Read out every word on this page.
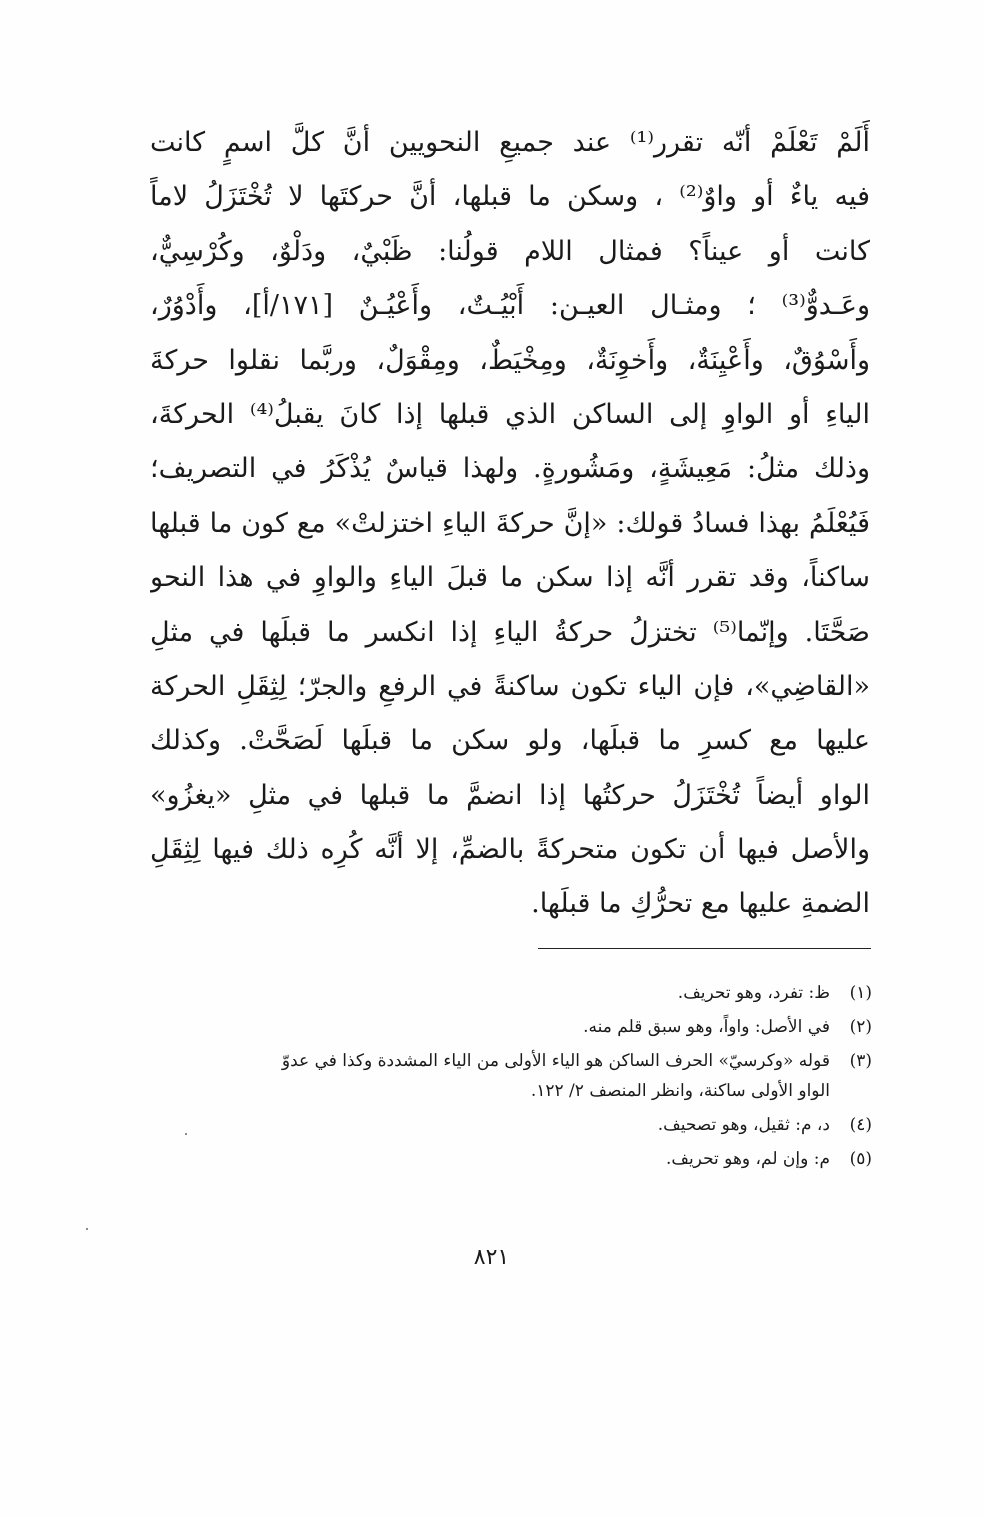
أَلَمْ تَعْلَمْ أنّه تقرر⁽¹⁾ عند جميعِ النحويين أنَّ كلَّ اسمٍ كانت
فيه ياءٌ أو واوٌ⁽²⁾ ، وسكن ما قبلها، أنَّ حركتَها لا تُخْتَزَلُ لاماً
كانت أو عيناً؟ فمثال اللام قولُنا: ظَبْيٌ، ودَلْوٌ، وكُرْسِيٌّ،
وعَـدوٌّ⁽³⁾ ؛ ومثـال العيـن: أَبْيُـتٌ، وأَعْيُـنٌ [١٧١/أ]، وأَدْوُرٌ،
وأَسْوُقٌ، وأَعْيِنَةٌ، وأَخوِنَةٌ، ومِخْيَطٌ، ومِقْوَلٌ، وربَّما نقلوا حركةَ
الياءِ أو الواوِ إلى الساكن الذي قبلها إذا كانَ يقبلُ⁽⁴⁾ الحركةَ،
وذلك مثلُ: مَعِيشَةٍ، ومَشُورةٍ. ولهذا قياسٌ يُذْكَرُ في التصريف؛
فَيُعْلَمُ بهذا فسادُ قولك: «إنَّ حركةَ الياءِ اختزلتْ» مع كون ما قبلها
ساكناً، وقد تقرر أنَّه إذا سكن ما قبلَ الياءِ والواوِ في هذا النحو
صَحَّتَا. وإنّما⁽⁵⁾ تختزلُ حركةُ الياءِ إذا انكسر ما قبلَها في مثلِ
«القاضِي»، فإن الياء تكون ساكنةً في الرفعِ والجرّ؛ لِثِقَلِ الحركة
عليها مع كسرِ ما قبلَها، ولو سكن ما قبلَها لَصَحَّتْ. وكذلك
الواو أيضاً تُخْتَزَلُ حركتُها إذا انضمَّ ما قبلها في مثلِ «يغزُو»
والأصل فيها أن تكون متحركةً بالضمِّ، إلا أنَّه كُرِه ذلك فيها لِثِقَلِ
الضمةِ عليها مع تحرُّكِ ما قبلَها.
(١)
ظ: تفرد، وهو تحريف.
(٢)
في الأصل: واواً، وهو سبق قلم منه.
(٣)
قوله «وكرسيّ» الحرف الساكن هو الياء الأولى من الياء المشددة وكذا في عدوّ
الواو الأولى ساكنة، وانظر المنصف ٢/ ١٢٢.
(٤)
د، م: ثقيل، وهو تصحيف.
(٥)
م: وإن لم، وهو تحريف.
٨٢١
